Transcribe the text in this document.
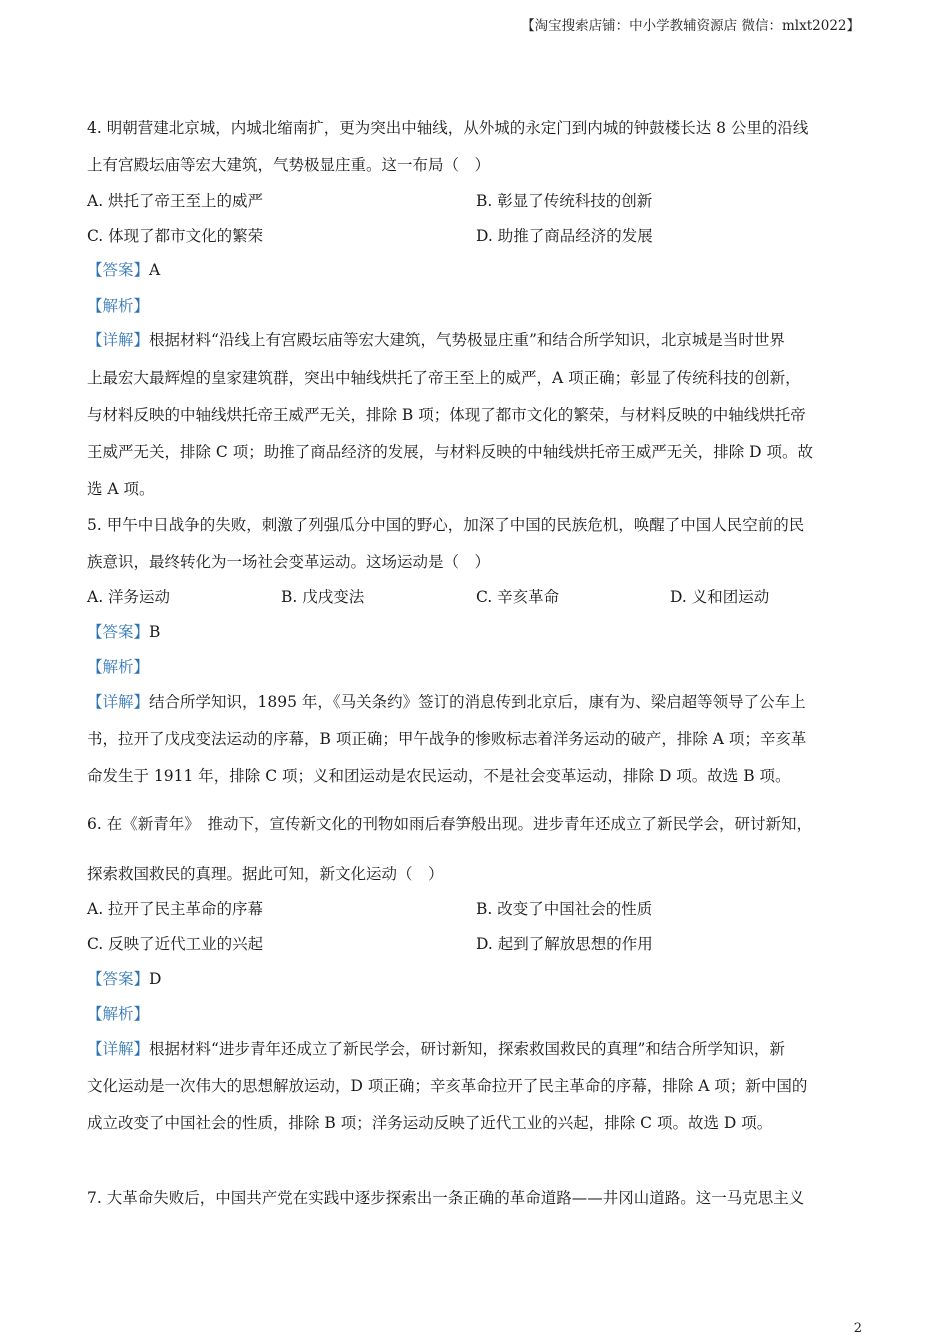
【淘宝搜索店铺：中小学教辅资源店 微信：mlxt2022】
4. 明朝营建北京城，内城北缩南扩，更为突出中轴线，从外城的永定门到内城的钟鼓楼长达 8 公里的沿线
上有宫殿坛庙等宏大建筑，气势极显庄重。这一布局（　）
A. 烘托了帝王至上的威严	B. 彰显了传统科技的创新
C. 体现了都市文化的繁荣	D. 助推了商品经济的发展
【答案】A
【解析】
【详解】根据材料“沿线上有宫殿坛庙等宏大建筑，气势极显庄重”和结合所学知识，北京城是当时世界
上最宏大最辉煌的皇家建筑群，突出中轴线烘托了帝王至上的威严，A 项正确；彰显了传统科技的创新，
与材料反映的中轴线烘托帝王威严无关，排除 B 项；体现了都市文化的繁荣，与材料反映的中轴线烘托帝
王威严无关，排除 C 项；助推了商品经济的发展，与材料反映的中轴线烘托帝王威严无关，排除 D 项。故
选 A 项。
5. 甲午中日战争的失败，刺激了列强瓜分中国的野心，加深了中国的民族危机，唤醒了中国人民空前的民
族意识，最终转化为一场社会变革运动。这场运动是（　）
A. 洋务运动	B. 戊戌变法	C. 辛亥革命	D. 义和团运动
【答案】B
【解析】
【详解】结合所学知识，1895 年，《马关条约》签订的消息传到北京后，康有为、梁启超等领导了公车上
书，拉开了戊戌变法运动的序幕，B 项正确；甲午战争的惨败标志着洋务运动的破产，排除 A 项；辛亥革
命发生于 1911 年，排除 C 项；义和团运动是农民运动，不是社会变革运动，排除 D 项。故选 B 项。
6. 在《新青年》　推动下，宣传新文化的刊物如雨后春笋般出现。进步青年还成立了新民学会，研讨新知，
探索救国救民的真理。据此可知，新文化运动（　）
A. 拉开了民主革命的序幕	B. 改变了中国社会的性质
C. 反映了近代工业的兴起	D. 起到了解放思想的作用
【答案】D
【解析】
【详解】根据材料“进步青年还成立了新民学会，研讨新知，探索救国救民的真理”和结合所学知识，新
文化运动是一次伟大的思想解放运动，D 项正确；辛亥革命拉开了民主革命的序幕，排除 A 项；新中国的
成立改变了中国社会的性质，排除 B 项；洋务运动反映了近代工业的兴起，排除 C 项。故选 D 项。
7. 大革命失败后，中国共产党在实践中逐步探索出一条正确的革命道路——井冈山道路。这一马克思主义
2
